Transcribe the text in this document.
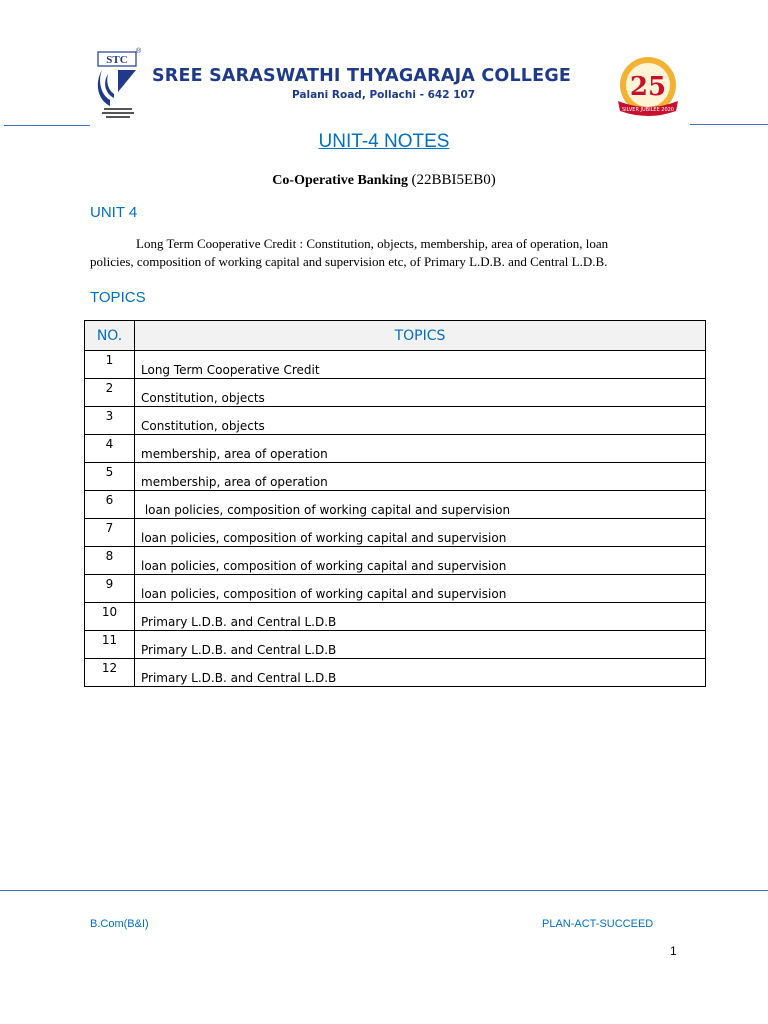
STC
®
SREE SARASWATHI THYAGARAJA COLLEGE
Palani Road, Pollachi - 642 107	25
SILVER JUBILEE 2020
UNIT-4 NOTES
Co-Operative Banking (22BBI5EB0)
UNIT 4
Long Term Cooperative Credit : Constitution, objects, membership, area of operation, loan policies, composition of working capital and supervision etc, of Primary L.D.B. and Central L.D.B.
TOPICS
NO.	TOPICS
1	Long Term Cooperative Credit
2	Constitution, objects
3	Constitution, objects
4	membership, area of operation
5	membership, area of operation
6	loan policies, composition of working capital and supervision
7	loan policies, composition of working capital and supervision
8	loan policies, composition of working capital and supervision
9	loan policies, composition of working capital and supervision
10	Primary L.D.B. and Central L.D.B
11	Primary L.D.B. and Central L.D.B
12	Primary L.D.B. and Central L.D.B
B.Com(B&I)	PLAN-ACT-SUCCEED
1
